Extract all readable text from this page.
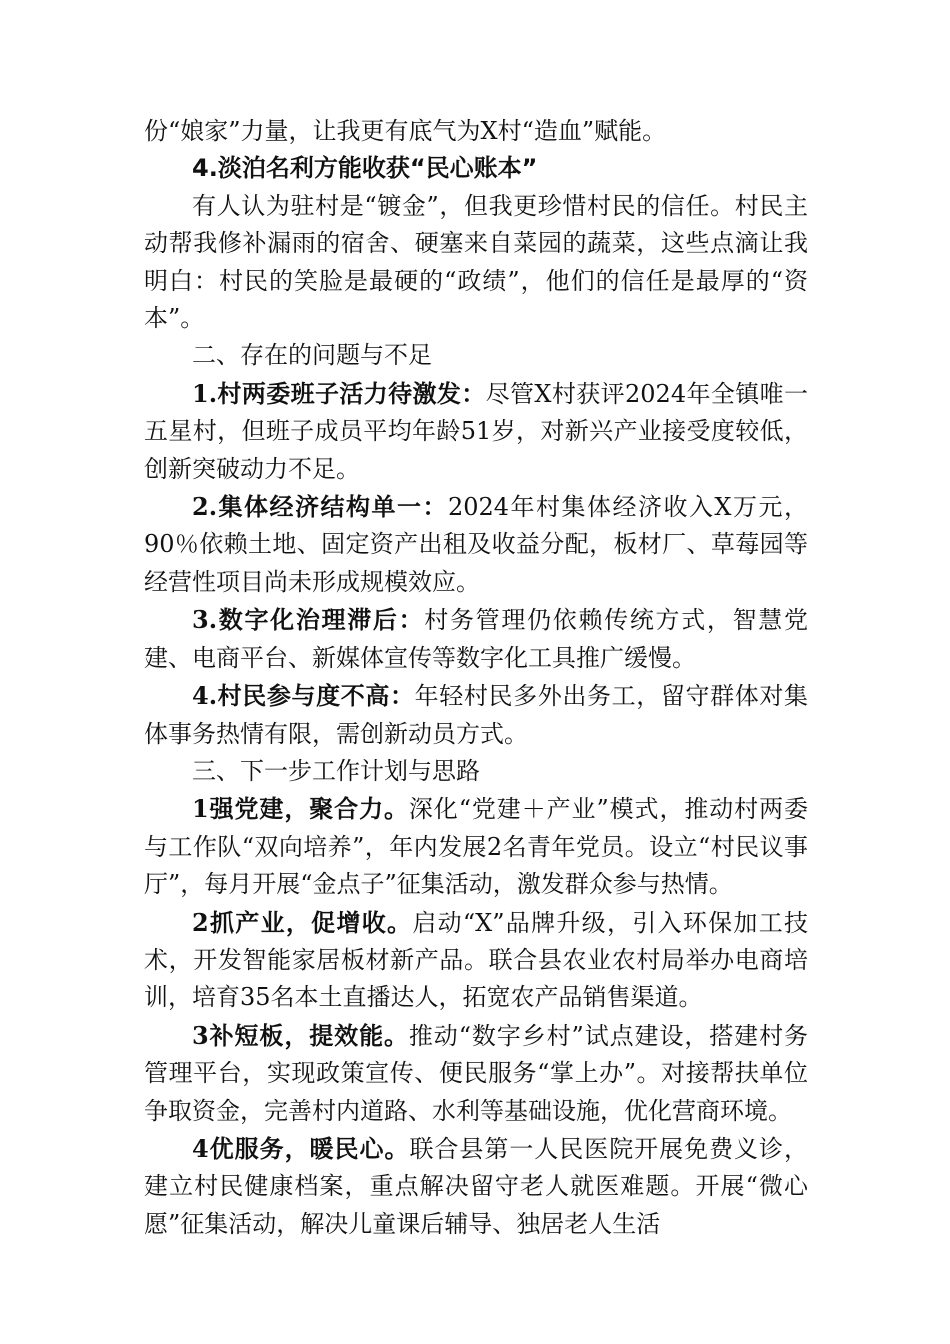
份“娘家”力量，让我更有底气为X村“造血”赋能。

4.淡泊名利方能收获“民心账本”

有人认为驻村是“镀金”，但我更珍惜村民的信任。村民主动帮我修补漏雨的宿舍、硬塞来自菜园的蔬菜，这些点滴让我明白：村民的笑脸是最硬的“政绩”，他们的信任是最厚的“资本”。

二、存在的问题与不足

1.村两委班子活力待激发：尽管X村获评2024年全镇唯一五星村，但班子成员平均年龄51岁，对新兴产业接受度较低，创新突破动力不足。

2.集体经济结构单一：2024年村集体经济收入X万元，90％依赖土地、固定资产出租及收益分配，板材厂、草莓园等经营性项目尚未形成规模效应。

3.数字化治理滞后：村务管理仍依赖传统方式，智慧党建、电商平台、新媒体宣传等数字化工具推广缓慢。

4.村民参与度不高：年轻村民多外出务工，留守群体对集体事务热情有限，需创新动员方式。

三、下一步工作计划与思路

1强党建，聚合力。深化“党建＋产业”模式，推动村两委与工作队“双向培养”，年内发展2名青年党员。设立“村民议事厅”，每月开展“金点子”征集活动，激发群众参与热情。

2抓产业，促增收。启动“X”品牌升级，引入环保加工技术，开发智能家居板材新产品。联合县农业农村局举办电商培训，培育35名本土直播达人，拓宽农产品销售渠道。

3补短板，提效能。推动“数字乡村”试点建设，搭建村务管理平台，实现政策宣传、便民服务“掌上办”。对接帮扶单位争取资金，完善村内道路、水利等基础设施，优化营商环境。

4优服务，暖民心。联合县第一人民医院开展免费义诊，建立村民健康档案，重点解决留守老人就医难题。开展“微心愿”征集活动，解决儿童课后辅导、独居老人生活
